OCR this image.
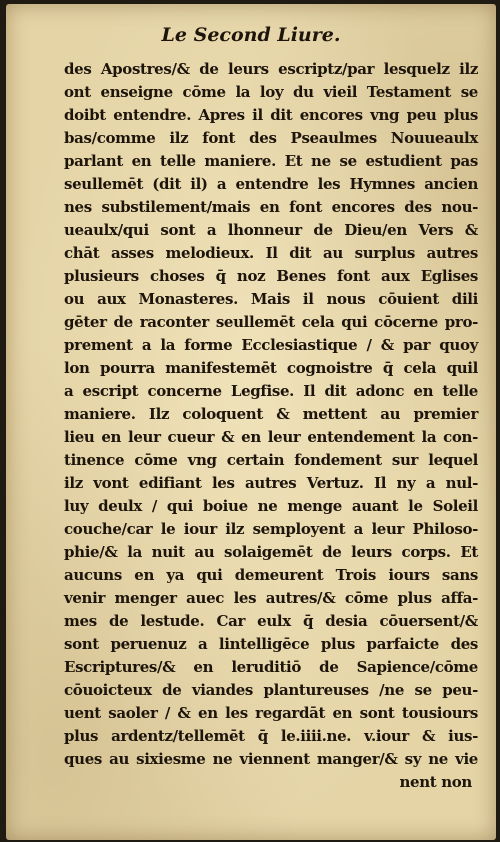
Le Second Liure.
des Apostres/& de leurs escriptz/par lesquelz ilz
ont enseigne cōme la loy du vieil Testament se
doibt entendre. Apres il dit encores vng peu plus
bas/comme ilz font des Pseaulmes Nouueaulx
parlant en telle maniere. Et ne se estudient pas
seullemēt (dit il) a entendre les Hymnes ancien
nes substilement/mais en font encores des nou-
ueaulx/qui sont a lhonneur de Dieu/en Vers &
chāt asses melodieux. Il dit au surplus autres
plusieurs choses q̄ noz Benes font aux Eglises
ou aux Monasteres. Mais il nous cōuient dili
gēter de raconter seullemēt cela qui cōcerne pro-
prement a la forme Ecclesiastique / & par quoy
lon pourra manifestemēt cognoistre q̄ cela quil
a escript concerne Legfise. Il dit adonc en telle
maniere. Ilz coloquent & mettent au premier
lieu en leur cueur & en leur entendement la con-
tinence cōme vng certain fondement sur lequel
ilz vont edifiant les autres Vertuz. Il ny a nul-
luy deulx / qui boiue ne menge auant le Soleil
couche/car le iour ilz semployent a leur Philoso-
phie/& la nuit au solaigemēt de leurs corps. Et
aucuns en ya qui demeurent Trois iours sans
venir menger auec les autres/& cōme plus affa-
mes de lestude. Car eulx q̄ desia cōuersent/&
sont peruenuz a lintelligēce plus parfaicte des
Escriptures/& en leruditiō de Sapience/cōme
cōuoicteux de viandes plantureuses /ne se peu-
uent saoler / & en les regardāt en sont tousiours
plus ardentz/tellemēt q̄ le.iiii.ne. v.iour & ius-
ques au sixiesme ne viennent manger/& sy ne vie
nent non
